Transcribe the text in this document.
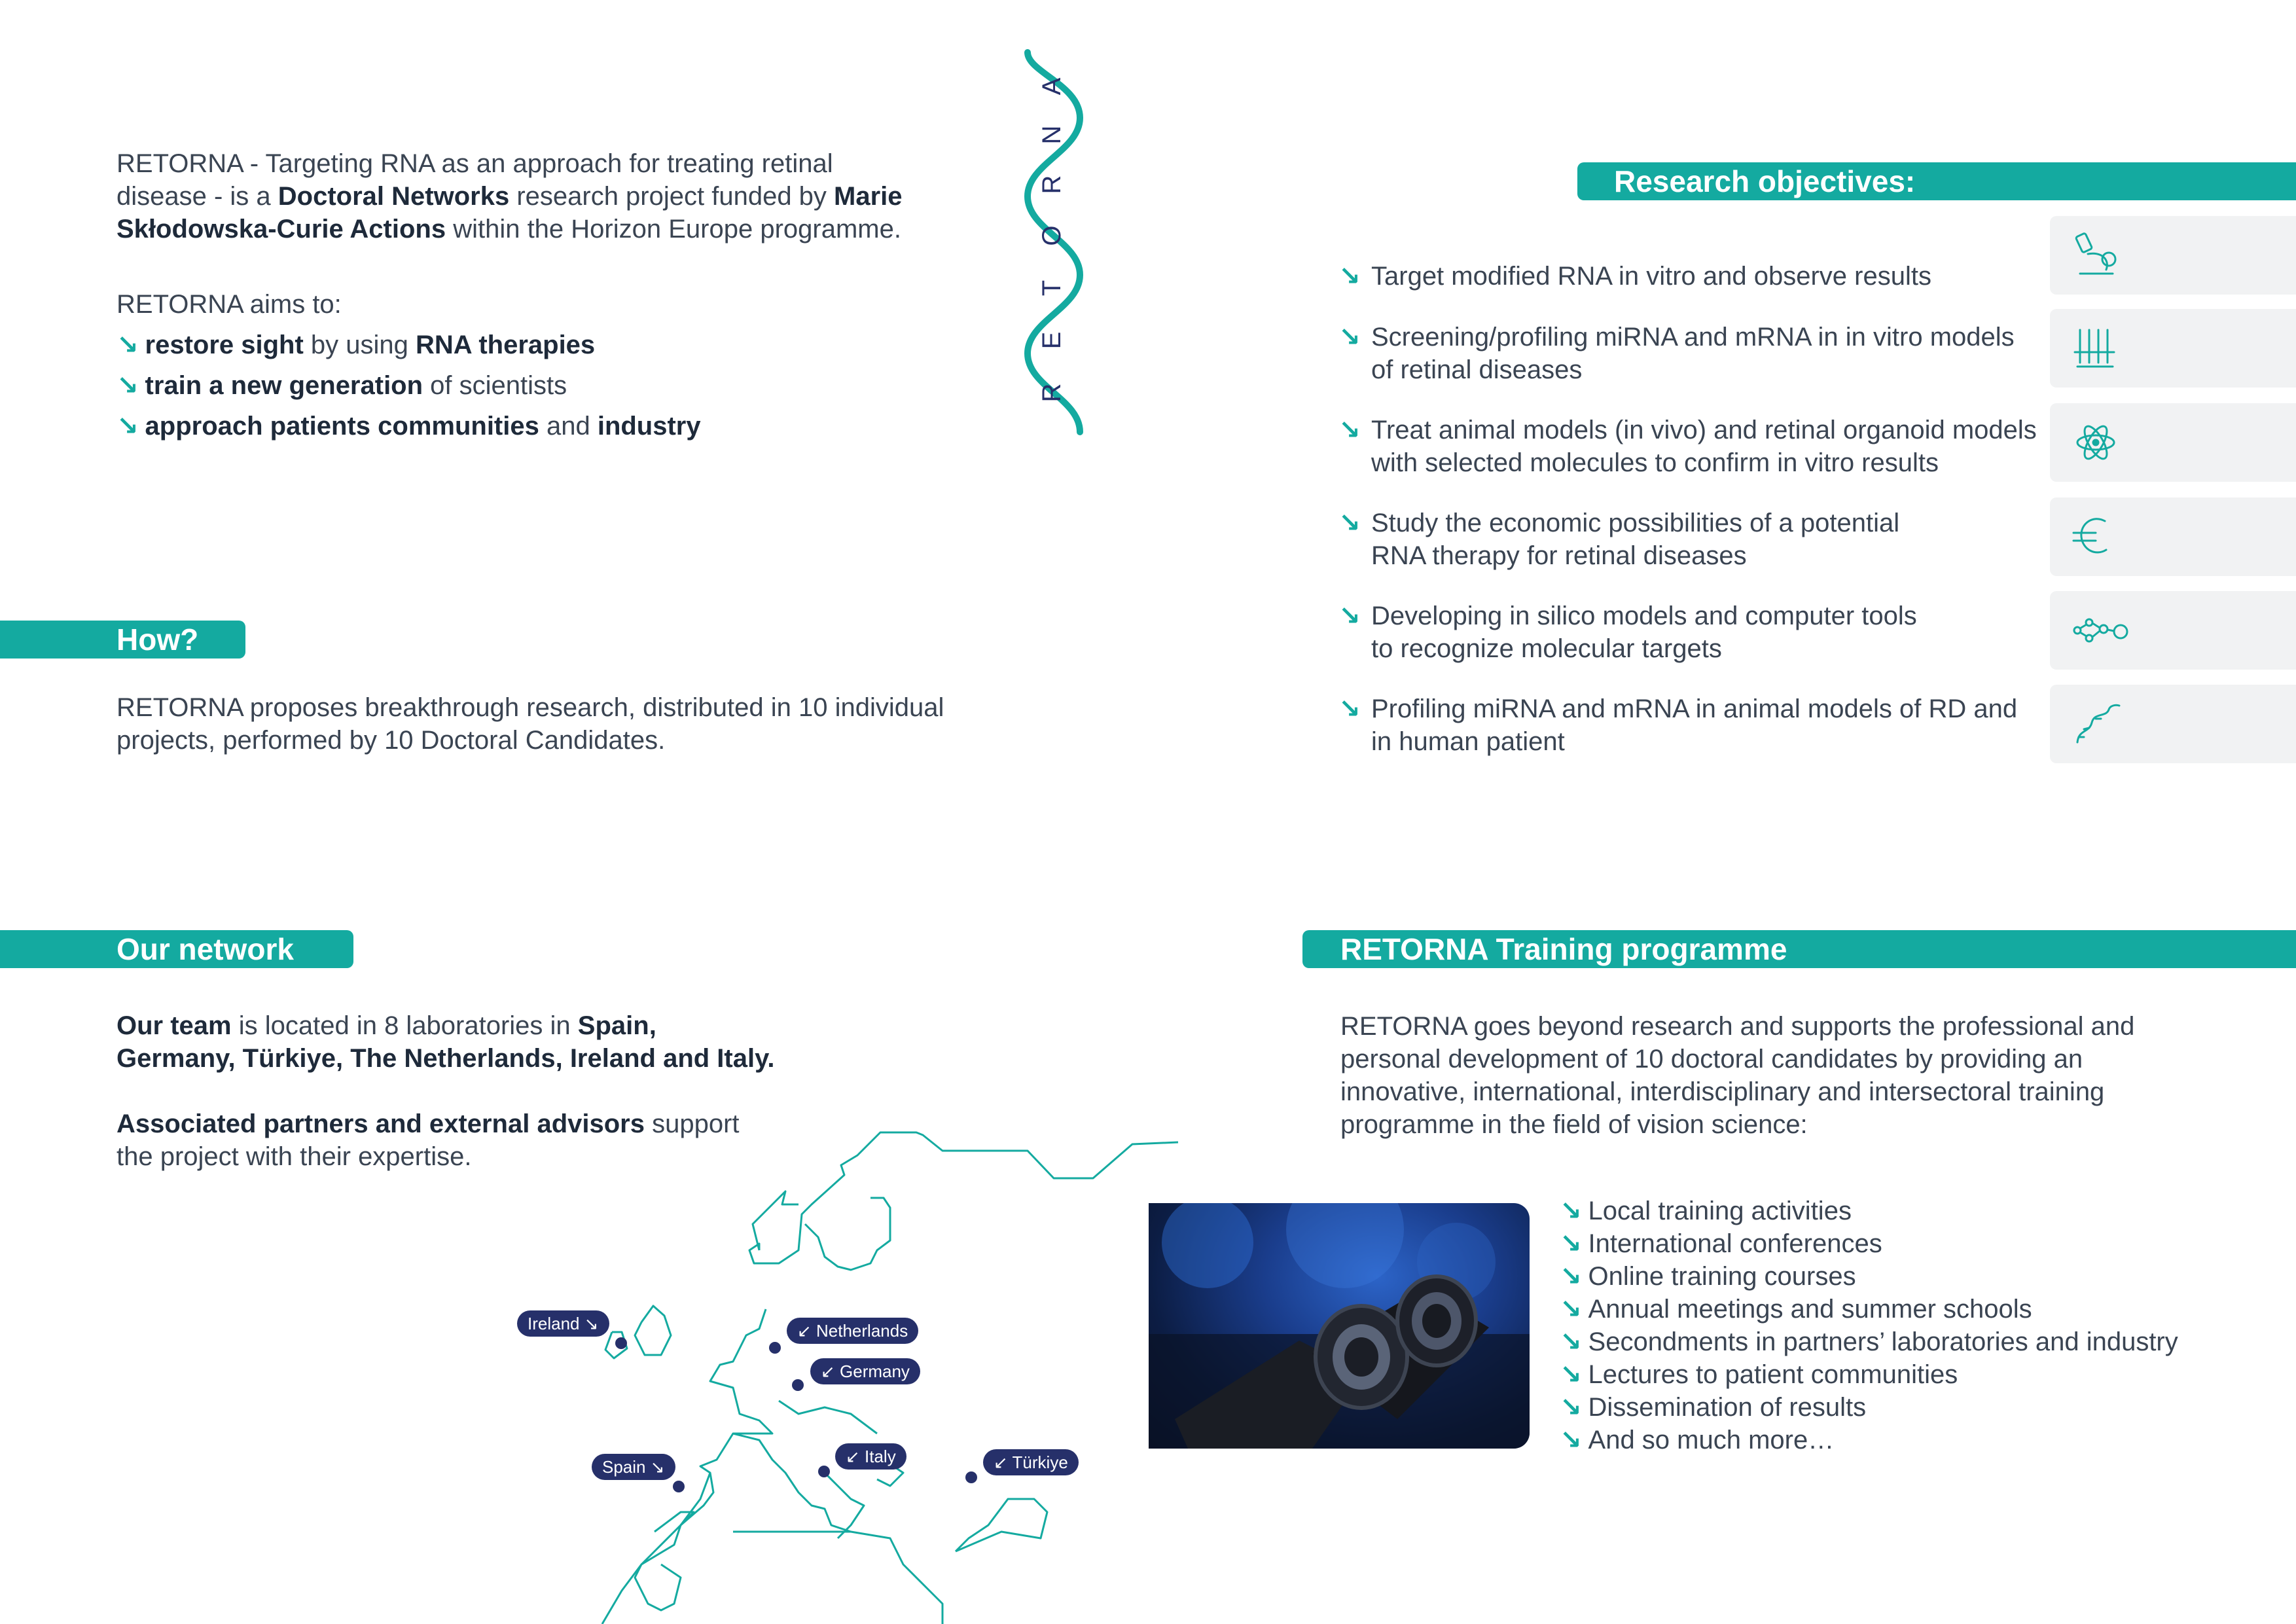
RETORNA - Targeting RNA as an approach for treating retinal

disease - is a Doctoral Networks research project funded by Marie

Skłodowska-Curie Actions within the Horizon Europe programme.

RETORNA aims to:

↘ restore sight by using RNA therapies
↘ train a new generation of scientists
↘ approach patients communities and industry
R
E
T
O
R
N
A
How?

RETORNA proposes breakthrough research, distributed in 10 individual

projects, performed by 10 Doctoral Candidates.

Research objectives:
↘ Target modified RNA in vitro and observe results
↘ Screening/profiling miRNA and mRNA in in vitro models
of retinal diseases
↘ Treat animal models (in vivo) and retinal organoid models
with selected molecules to confirm in vitro results
↘ Study the economic possibilities of a potential
RNA therapy for retinal diseases
↘ Developing in silico models and computer tools
to recognize molecular targets
↘ Profiling miRNA and mRNA in animal models of RD and
in human patient
Our network

Our team is located in 8 laboratories in Spain,

Germany, Türkiye, The Netherlands, Ireland and Italy.

Associated partners and external advisors support

the project with their expertise.

Ireland ↘	↙ Netherlands
↙ Germany
Spain ↘
↙ Italy	↙ Türkiye
RETORNA Training programme

RETORNA goes beyond research and supports the professional and

personal development of 10 doctoral candidates by providing an

innovative, international, interdisciplinary and intersectoral training

programme in the field of vision science:

↘ Local training activities
↘ International conferences
↘ Online training courses
↘ Annual meetings and summer schools
↘ Secondments in partners’ laboratories and industry
↘ Lectures to patient communities
↘ Dissemination of results
↘ And so much more…
